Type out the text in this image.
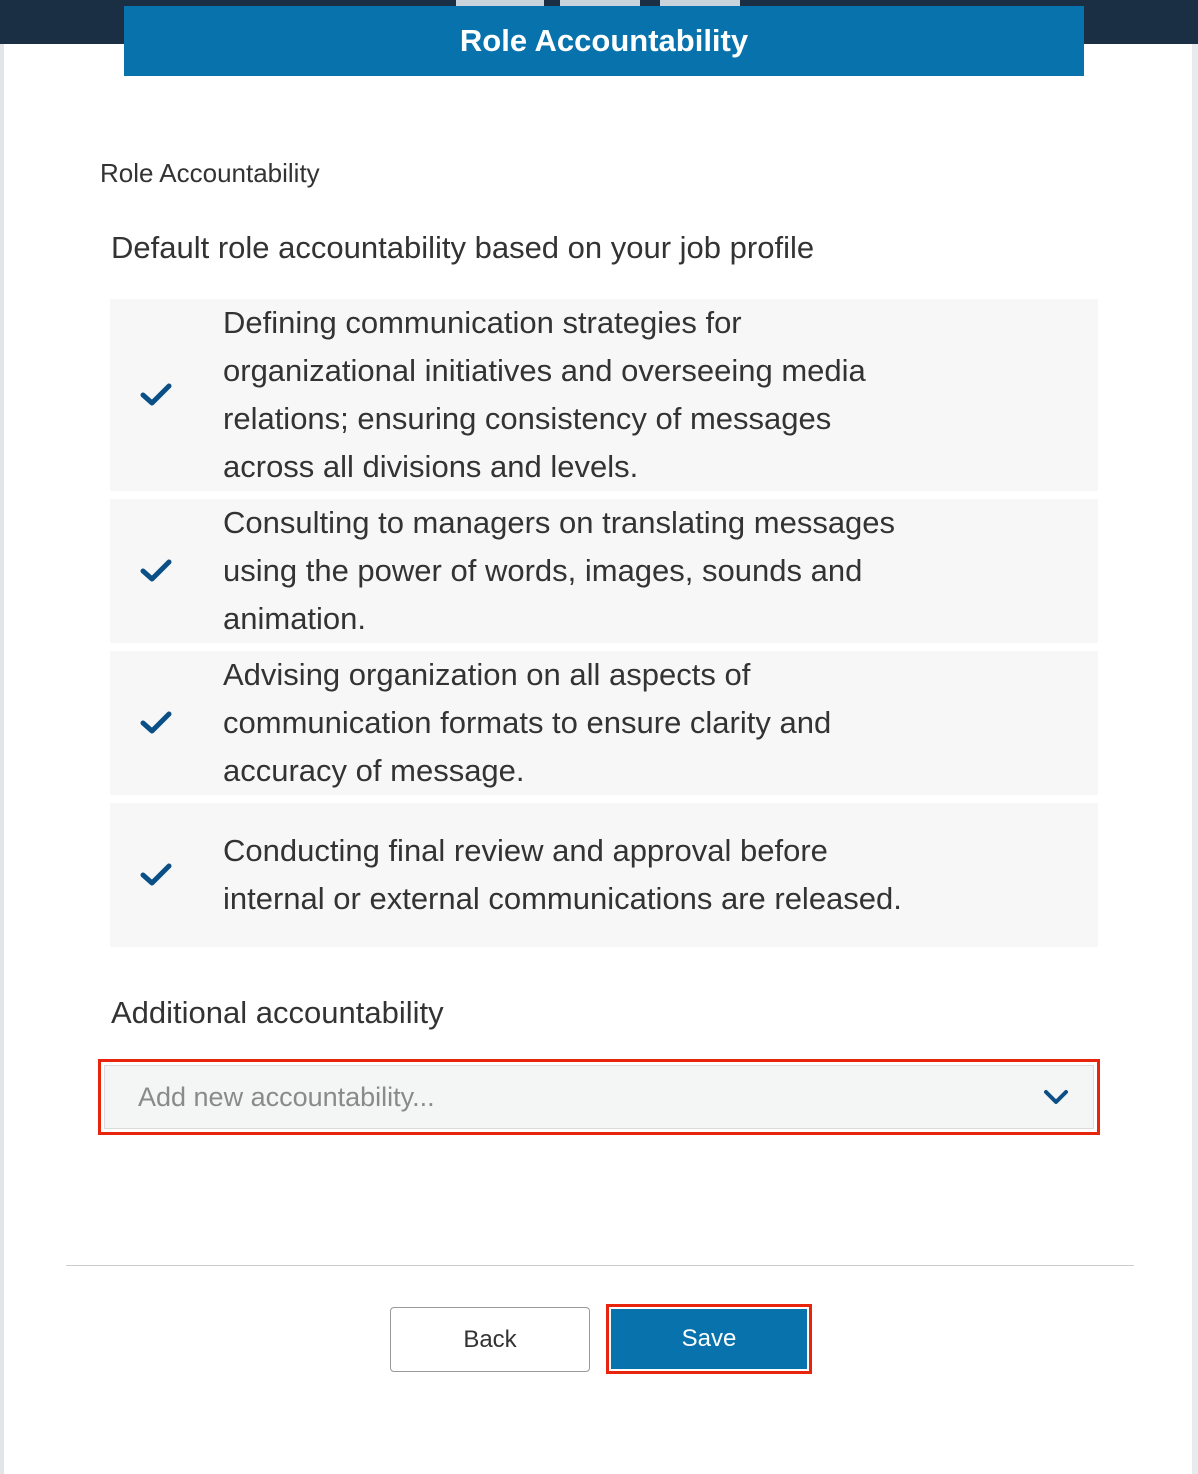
Role Accountability
Role Accountability
Default role accountability based on your job profile
Defining communication strategies for organizational initiatives and overseeing media relations; ensuring consistency of messages across all divisions and levels.
Consulting to managers on translating messages using the power of words, images, sounds and animation.
Advising organization on all aspects of communication formats to ensure clarity and accuracy of message.
Conducting final review and approval before internal or external communications are released.
Additional accountability
Add new accountability...
Back	Save
